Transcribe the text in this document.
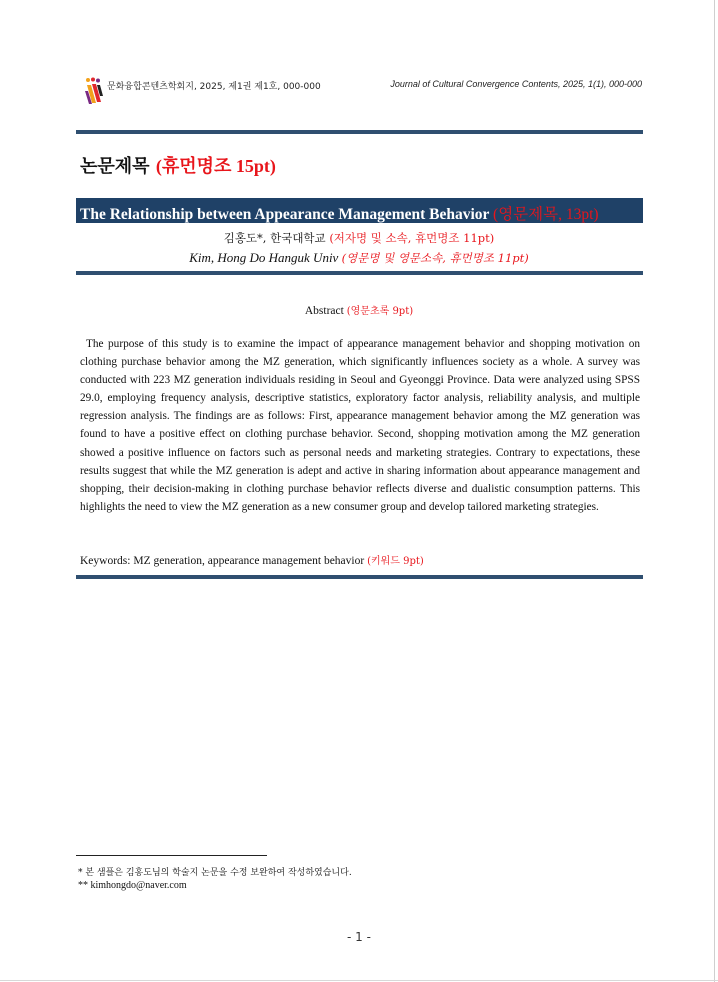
문화융합콘텐츠학회지, 2025, 제1권 제1호, 000-000	Journal of Cultural Convergence Contents, 2025, 1(1), 000-000
논문제목 (휴먼명조 15pt)
The Relationship between Appearance Management Behavior (영문제목, 13pt)
김홍도*, 한국대학교 (저자명 및 소속, 휴먼명조 11pt)
Kim, Hong Do Hanguk Univ (영문명 및 영문소속, 휴먼명조 11pt)
Abstract (영문초록 9pt)
The purpose of this study is to examine the impact of appearance management behavior and shopping motivation on clothing purchase behavior among the MZ generation, which significantly influences society as a whole. A survey was conducted with 223 MZ generation individuals residing in Seoul and Gyeonggi Province. Data were analyzed using SPSS 29.0, employing frequency analysis, descriptive statistics, exploratory factor analysis, reliability analysis, and multiple regression analysis. The findings are as follows: First, appearance management behavior among the MZ generation was found to have a positive effect on clothing purchase behavior. Second, shopping motivation among the MZ generation showed a positive influence on factors such as personal needs and marketing strategies. Contrary to expectations, these results suggest that while the MZ generation is adept and active in sharing information about appearance management and shopping, their decision-making in clothing purchase behavior reflects diverse and dualistic consumption patterns. This highlights the need to view the MZ generation as a new consumer group and develop tailored marketing strategies.
Keywords: MZ generation, appearance management behavior (키워드 9pt)
* 본 샘플은 김홍도님의 학술지 논문을 수정 보완하여 작성하였습니다.
** kimhongdo@naver.com
- 1 -
